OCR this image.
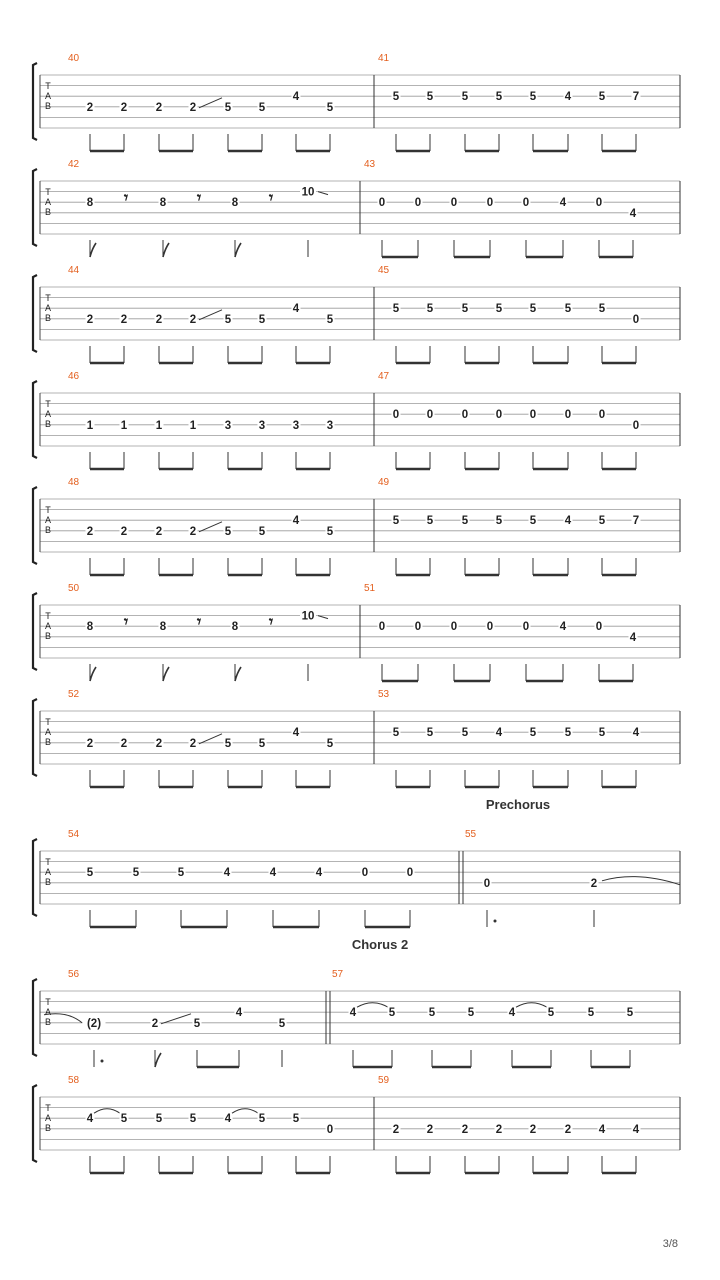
T
A
B
40
2 2 2 2 5 5
4
5
41
5 5 5 5 5 4 5 7
T
A
B
42
8 𝄾	8 𝄾	8 𝄾 10
43
0	0	0	0	0	4	0
4
T
A
B
44
2 2 2 2 5 5
4
5
45
5 5 5 5 5 5 5
0
T
A
B
46
1 1 1 1 3 3 3 3
47
0 0 0 0 0 0 0
0
T
A
B
48
2 2 2 2 5 5
4
5
49
5 5 5 5 5 4 5 7
T
A
B
50
8 𝄾	8 𝄾	8 𝄾 10
51
0	0	0	0	0	4	0
4
T
A
B
52
2 2 2 2 5 5
4
5
53
5 5 5 4 5 5 5 4
Prechorus
T
A
B
54
5	5	5	4	4	4	0	0
55
0	2
Chorus 2
T
A
B
56
(2)	2	5
4
5
57
4	5	5	5	4	5	5	5
T
A
B
58
4 5 5 5 4 5 5
0
59
2 2 2 2 2 2 4 4
3/8
